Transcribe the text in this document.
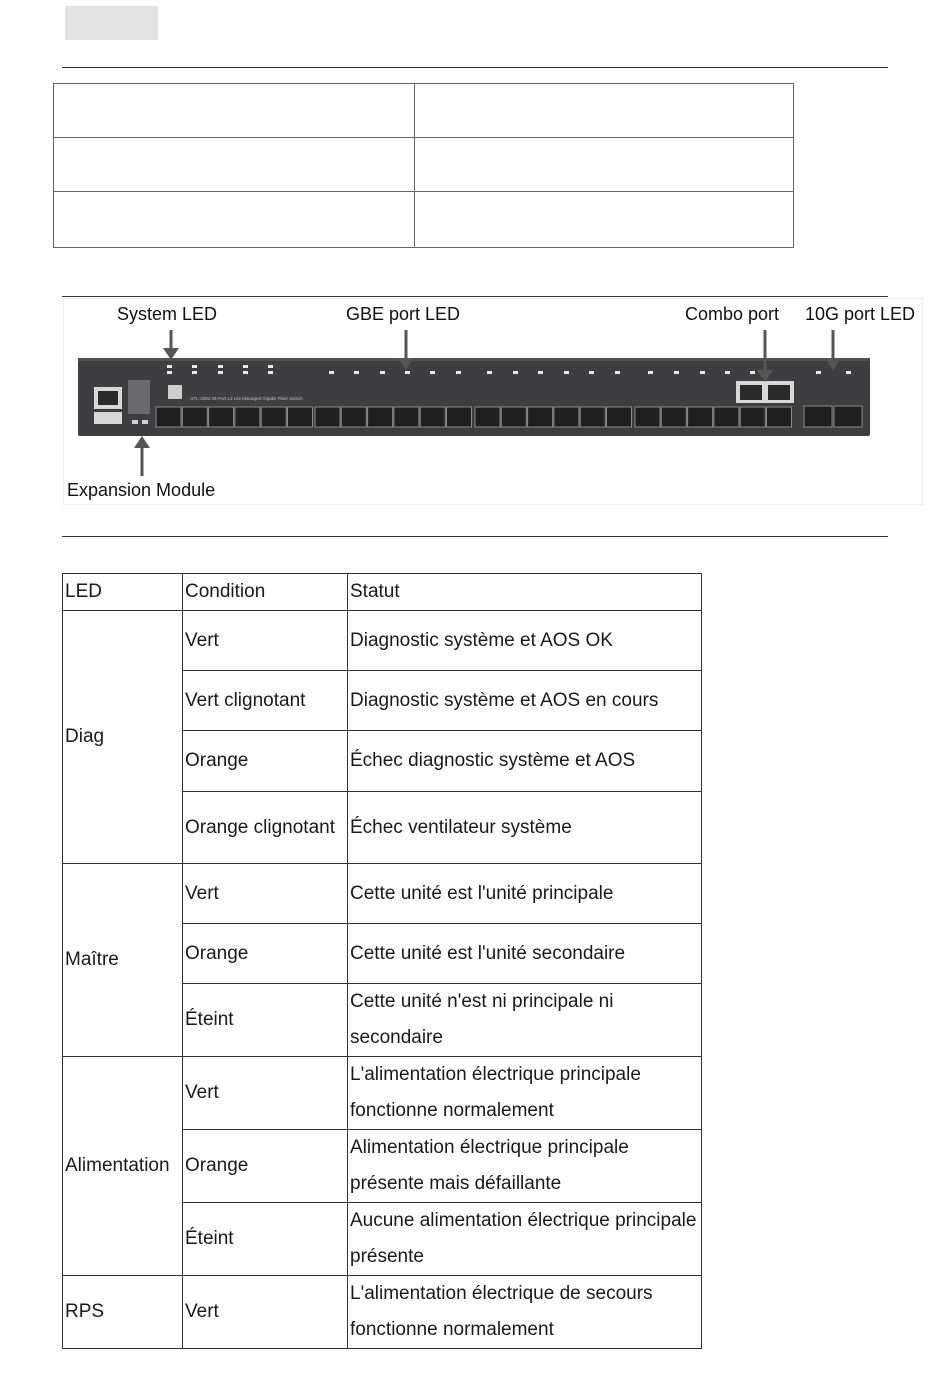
System LED	GBE port LED	Combo port 10G port LED
Expansion Module
GTL-2882 28-Port L3 Lite Managed Gigabit Fiber Switch
LED	Condition	Statut
Diag	Vert	Diagnostic système et AOS OK
	Vert clignotant	Diagnostic système et AOS en cours
	Orange	Échec diagnostic système et AOS
	Orange clignotant	Échec ventilateur système
Maître	Vert	Cette unité est l'unité principale
	Orange	Cette unité est l'unité secondaire
	Éteint	Cette unité n'est ni principale ni secondaire
Alimentation	Vert	L'alimentation électrique principale fonctionne normalement
	Orange	Alimentation électrique principale présente mais défaillante
	Éteint	Aucune alimentation électrique principale présente
RPS	Vert	L'alimentation électrique de secours fonctionne normalement
